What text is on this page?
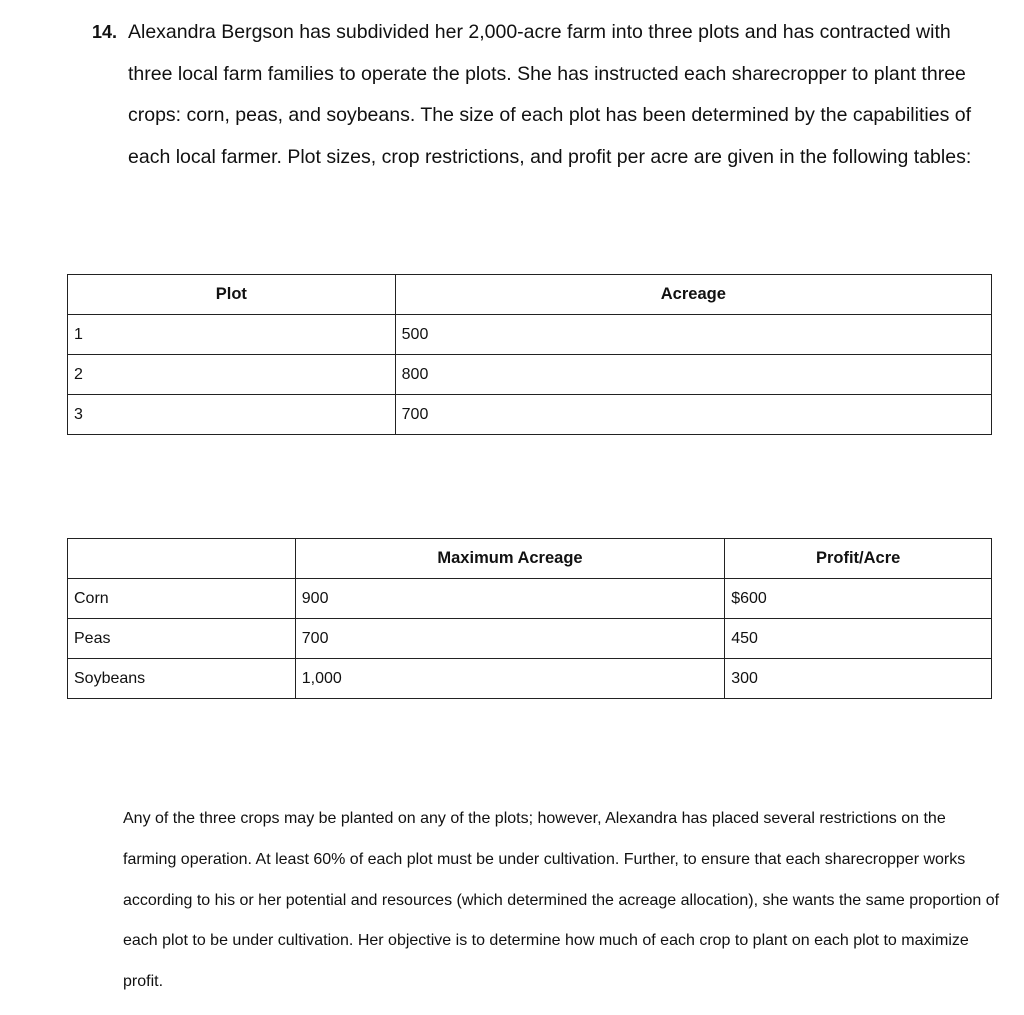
14. Alexandra Bergson has subdivided her 2,000-acre farm into three plots and has contracted with three local farm families to operate the plots. She has instructed each sharecropper to plant three crops: corn, peas, and soybeans. The size of each plot has been determined by the capabilities of each local farmer. Plot sizes, crop restrictions, and profit per acre are given in the following tables:
Plot	Acreage
1	500
2	800
3	700
	Maximum Acreage	Profit/Acre
Corn	900	$600
Peas	700	450
Soybeans	1,000	300
Any of the three crops may be planted on any of the plots; however, Alexandra has placed several restrictions on the farming operation. At least 60% of each plot must be under cultivation. Further, to ensure that each sharecropper works according to his or her potential and resources (which determined the acreage allocation), she wants the same proportion of each plot to be under cultivation. Her objective is to determine how much of each crop to plant on each plot to maximize profit.
